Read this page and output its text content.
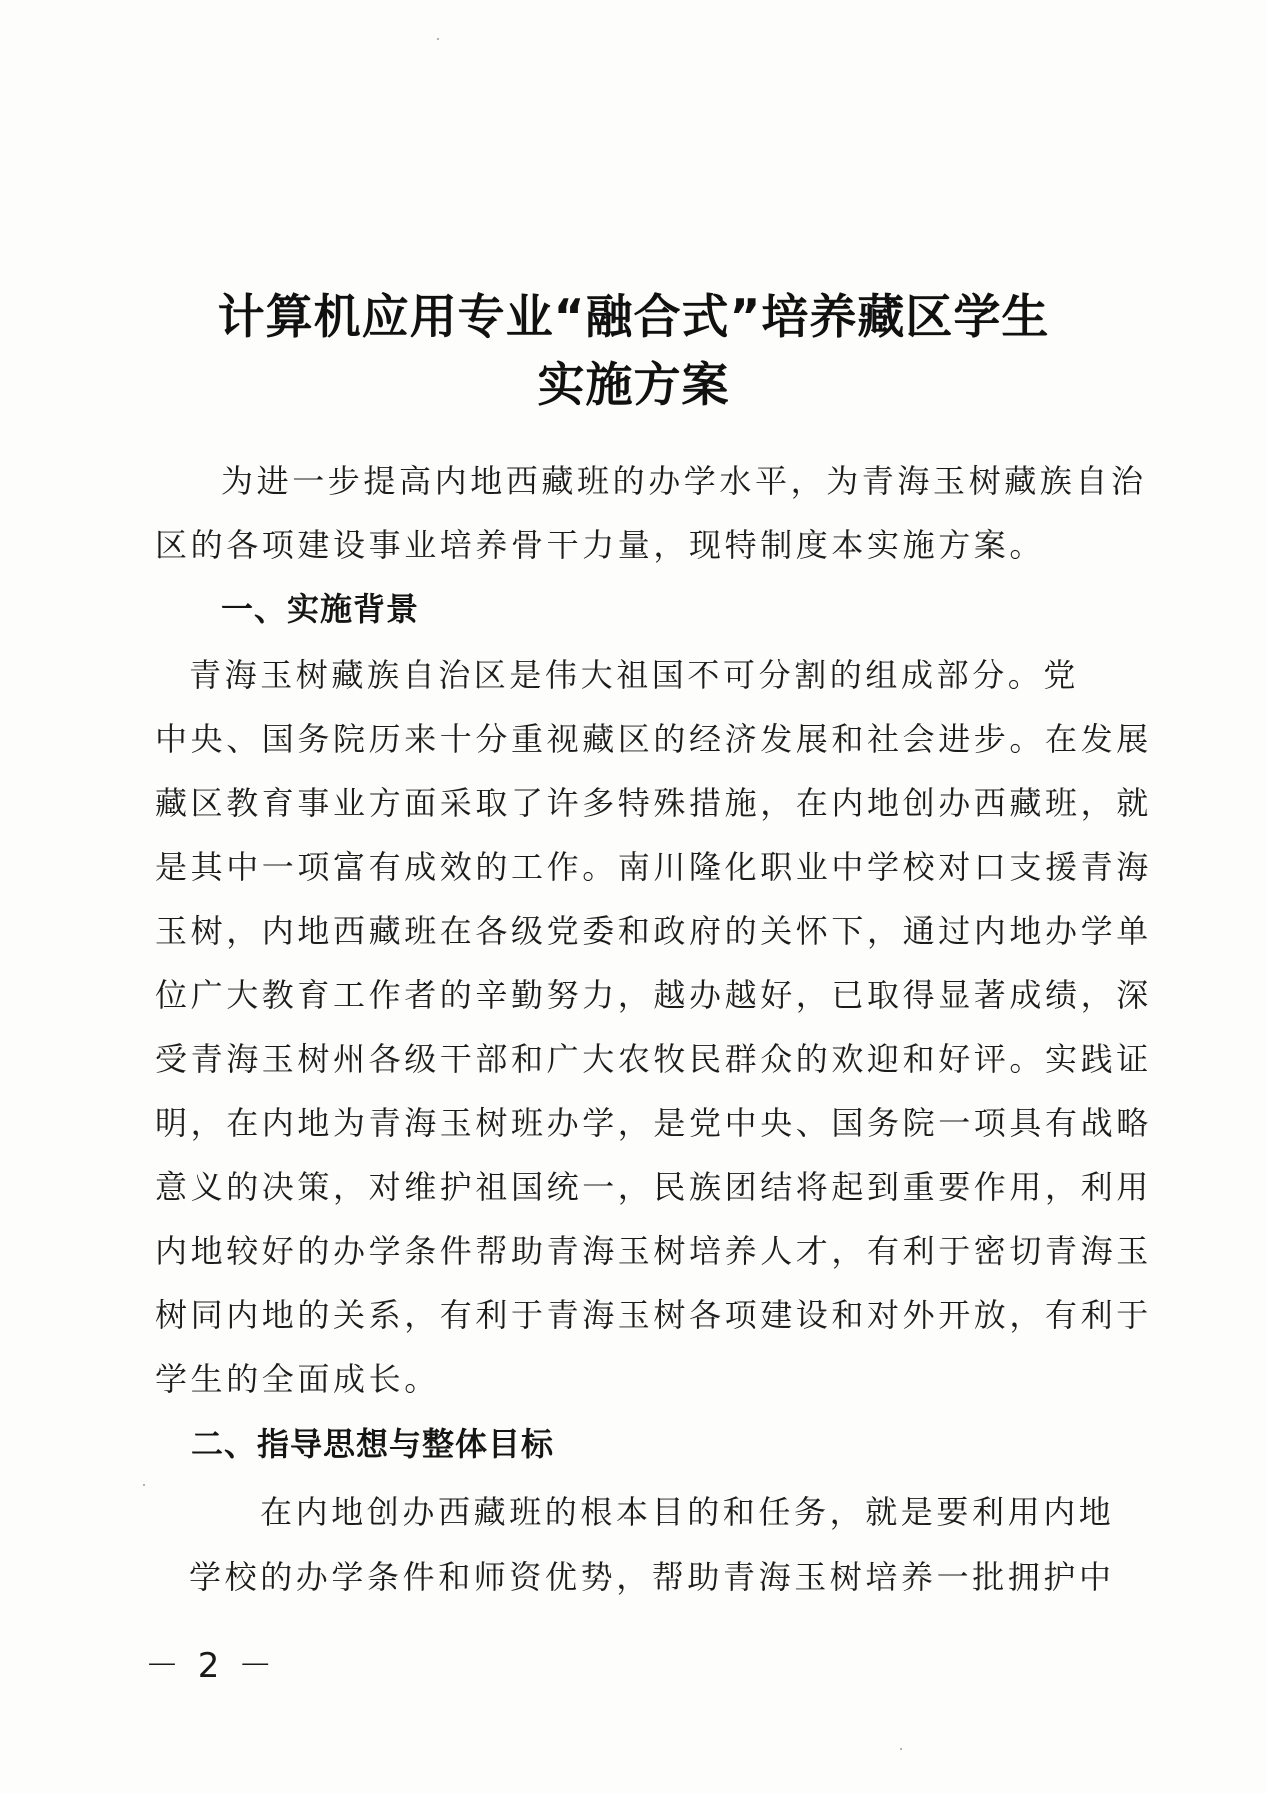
计算机应用专业“融合式”培养藏区学生
实施方案
为进一步提高内地西藏班的办学水平，为青海玉树藏族自治
区的各项建设事业培养骨干力量，现特制度本实施方案。
一、实施背景
青海玉树藏族自治区是伟大祖国不可分割的组成部分。党
中央、国务院历来十分重视藏区的经济发展和社会进步。在发展
藏区教育事业方面采取了许多特殊措施，在内地创办西藏班，就
是其中一项富有成效的工作。南川隆化职业中学校对口支援青海
玉树，内地西藏班在各级党委和政府的关怀下，通过内地办学单
位广大教育工作者的辛勤努力，越办越好，已取得显著成绩，深
受青海玉树州各级干部和广大农牧民群众的欢迎和好评。实践证
明，在内地为青海玉树班办学，是党中央、国务院一项具有战略
意义的决策，对维护祖国统一，民族团结将起到重要作用，利用
内地较好的办学条件帮助青海玉树培养人才，有利于密切青海玉
树同内地的关系，有利于青海玉树各项建设和对外开放，有利于
学生的全面成长。
二、指导思想与整体目标
在内地创办西藏班的根本目的和任务，就是要利用内地
学校的办学条件和师资优势，帮助青海玉树培养一批拥护中
－ 2 －
